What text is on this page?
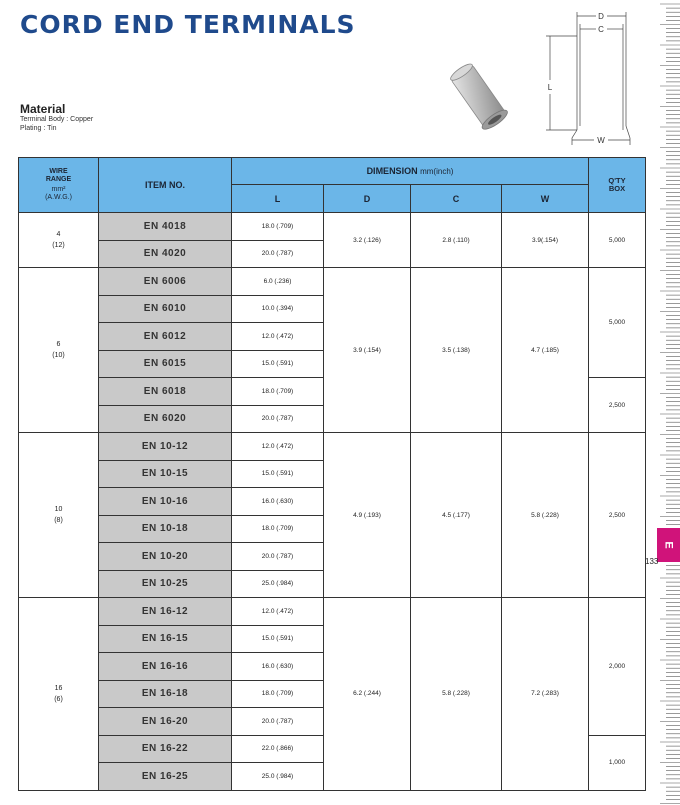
CORD END TERMINALS
Material
Terminal Body : Copper
Plating : Tin
D
C
L
W
E
133
WIRE RANGE
mm²
(A.W.G.)	ITEM NO.	DIMENSION mm(inch)				Q'TY BOX

		L	D	C	W	

4
(12)	EN 4018	18.0 (.709)	3.2 (.126)	2.8 (.110)	3.9(.154)	5,000
	EN 4020	20.0 (.787)				

6
(10)	EN 6006	6.0 (.236)	3.9 (.154)	3.5 (.138)	4.7 (.185)	5,000
	EN 6010	10.0 (.394)				
	EN 6012	12.0 (.472)				
	EN 6015	15.0 (.591)				
	EN 6018	18.0 (.709)				2,500
	EN 6020	20.0 (.787)				

10
(8)	EN 10-12	12.0 (.472)	4.9 (.193)	4.5 (.177)	5.8 (.228)	2,500
	EN 10-15	15.0 (.591)				
	EN 10-16	16.0 (.630)				
	EN 10-18	18.0 (.709)				
	EN 10-20	20.0 (.787)				
	EN 10-25	25.0 (.984)				

16
(6)	EN 16-12	12.0 (.472)	6.2 (.244)	5.8 (.228)	7.2 (.283)	2,000
	EN 16-15	15.0 (.591)				
	EN 16-16	16.0 (.630)				
	EN 16-18	18.0 (.709)				
	EN 16-20	20.0 (.787)				
	EN 16-22	22.0 (.866)				1,000
	EN 16-25	25.0 (.984)				
